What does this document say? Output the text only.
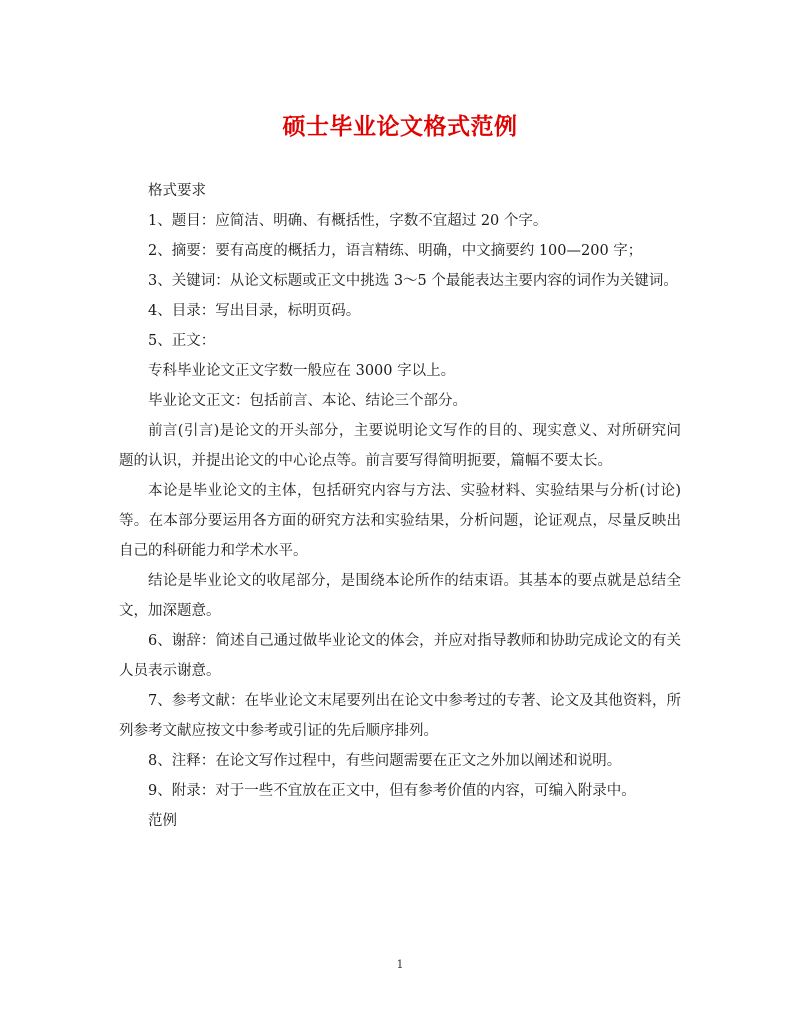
硕士毕业论文格式范例

格式要求

1、题目：应简洁、明确、有概括性，字数不宜超过 20 个字。

2、摘要：要有高度的概括力，语言精练、明确，中文摘要约 100—200 字；

3、关键词：从论文标题或正文中挑选 3～5 个最能表达主要内容的词作为关键词。

4、目录：写出目录，标明页码。

5、正文：

专科毕业论文正文字数一般应在 3000 字以上。

毕业论文正文：包括前言、本论、结论三个部分。

前言(引言)是论文的开头部分，主要说明论文写作的目的、现实意义、对所研究问题的认识，并提出论文的中心论点等。前言要写得简明扼要，篇幅不要太长。

本论是毕业论文的主体，包括研究内容与方法、实验材料、实验结果与分析(讨论)等。在本部分要运用各方面的研究方法和实验结果，分析问题，论证观点，尽量反映出自己的科研能力和学术水平。

结论是毕业论文的收尾部分，是围绕本论所作的结束语。其基本的要点就是总结全文，加深题意。

6、谢辞：简述自己通过做毕业论文的体会，并应对指导教师和协助完成论文的有关人员表示谢意。

7、参考文献：在毕业论文末尾要列出在论文中参考过的专著、论文及其他资料，所列参考文献应按文中参考或引证的先后顺序排列。

8、注释：在论文写作过程中，有些问题需要在正文之外加以阐述和说明。

9、附录：对于一些不宜放在正文中，但有参考价值的内容，可编入附录中。

范例

1
